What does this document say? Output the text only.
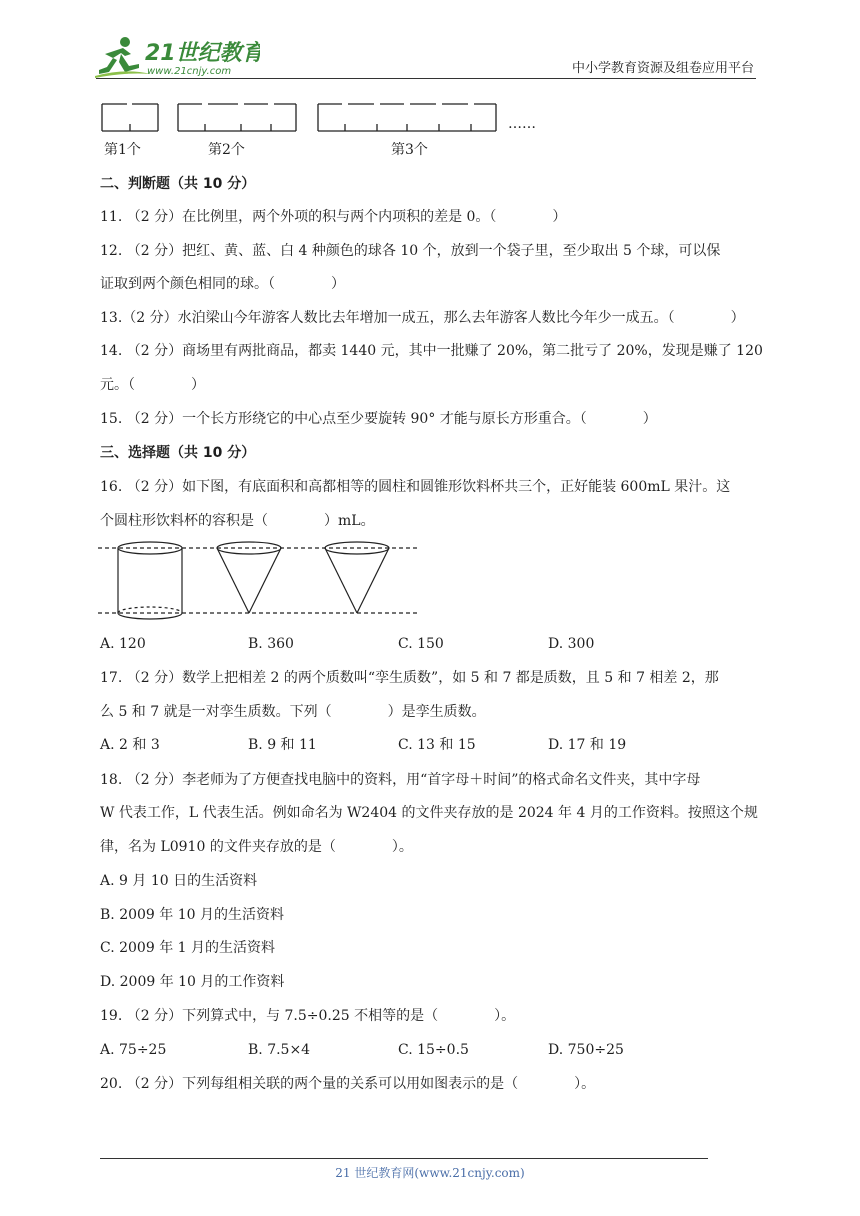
21世纪教育
www.21cnjy.com	中小学教育资源及组卷应用平台
……
第1个	第2个	第3个
二、判断题（共 10 分）
11. （2 分）在比例里，两个外项的积与两个内项积的差是 0。（　　　　）
12. （2 分）把红、黄、蓝、白 4 种颜色的球各 10 个，放到一个袋子里，至少取出 5 个球，可以保
证取到两个颜色相同的球。（　　　　）
13.（2 分）水泊梁山今年游客人数比去年增加一成五，那么去年游客人数比今年少一成五。（　　　　）
14. （2 分）商场里有两批商品，都卖 1440 元，其中一批赚了 20%，第二批亏了 20%，发现是赚了 120
元。（　　　　）
15. （2 分）一个长方形绕它的中心点至少要旋转 90° 才能与原长方形重合。（　　　　）
三、选择题（共 10 分）
16. （2 分）如下图，有底面积和高都相等的圆柱和圆锥形饮料杯共三个，正好能装 600mL 果汁。这
个圆柱形饮料杯的容积是（　　　　）mL。
A. 120	B. 360	C. 150	D. 300
17. （2 分）数学上把相差 2 的两个质数叫“孪生质数”，如 5 和 7 都是质数，且 5 和 7 相差 2，那
么 5 和 7 就是一对孪生质数。下列（　　　　）是孪生质数。
A. 2 和 3	B. 9 和 11	C. 13 和 15	D. 17 和 19
18. （2 分）李老师为了方便查找电脑中的资料，用“首字母＋时间”的格式命名文件夹，其中字母
W 代表工作，L 代表生活。例如命名为 W2404 的文件夹存放的是 2024 年 4 月的工作资料。按照这个规
律，名为 L0910 的文件夹存放的是（　　　　）。
A. 9 月 10 日的生活资料
B. 2009 年 10 月的生活资料
C. 2009 年 1 月的生活资料
D. 2009 年 10 月的工作资料
19. （2 分）下列算式中，与 7.5÷0.25 不相等的是（　　　　）。
A. 75÷25	B. 7.5×4	C. 15÷0.5	D. 750÷25
20. （2 分）下列每组相关联的两个量的关系可以用如图表示的是（　　　　）。
21 世纪教育网(www.21cnjy.com)
